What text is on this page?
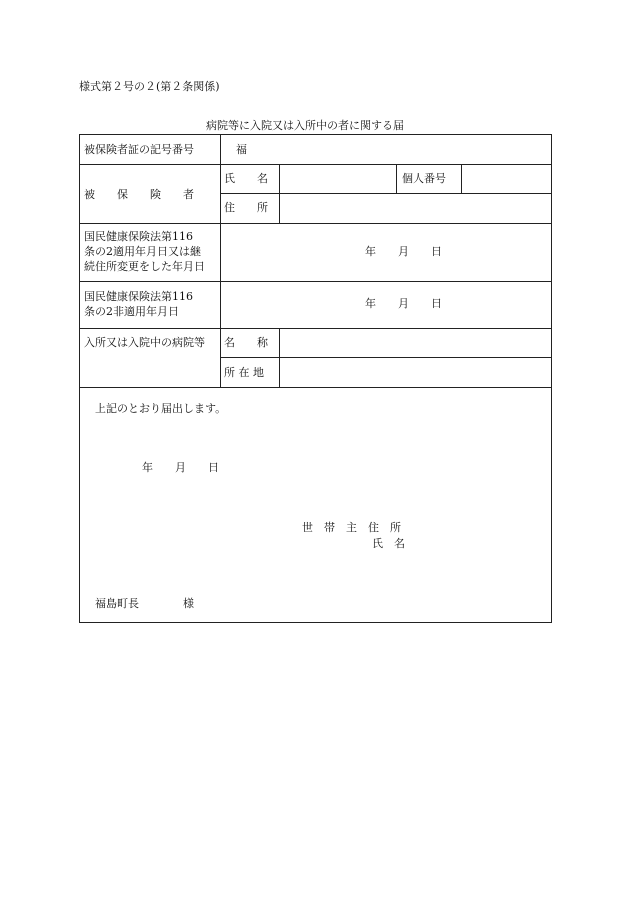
様式第２号の２(第２条関係)
病院等に入院又は入所中の者に関する届
被保険者証の記号番号	福
被　　保　　険　　者
氏　　名	個人番号
住　　所
国民健康保険法第116
条の2適用年月日又は継
続住所変更をした年月日
年　　月　　日
国民健康保険法第116
条の2非適用年月日
年　　月　　日
入所又は入院中の病院等 名　　称
所 在 地
上記のとおり届出します。
年　　月　　日
世　帯　主　住　所
氏　名
福島町長　　　　様
